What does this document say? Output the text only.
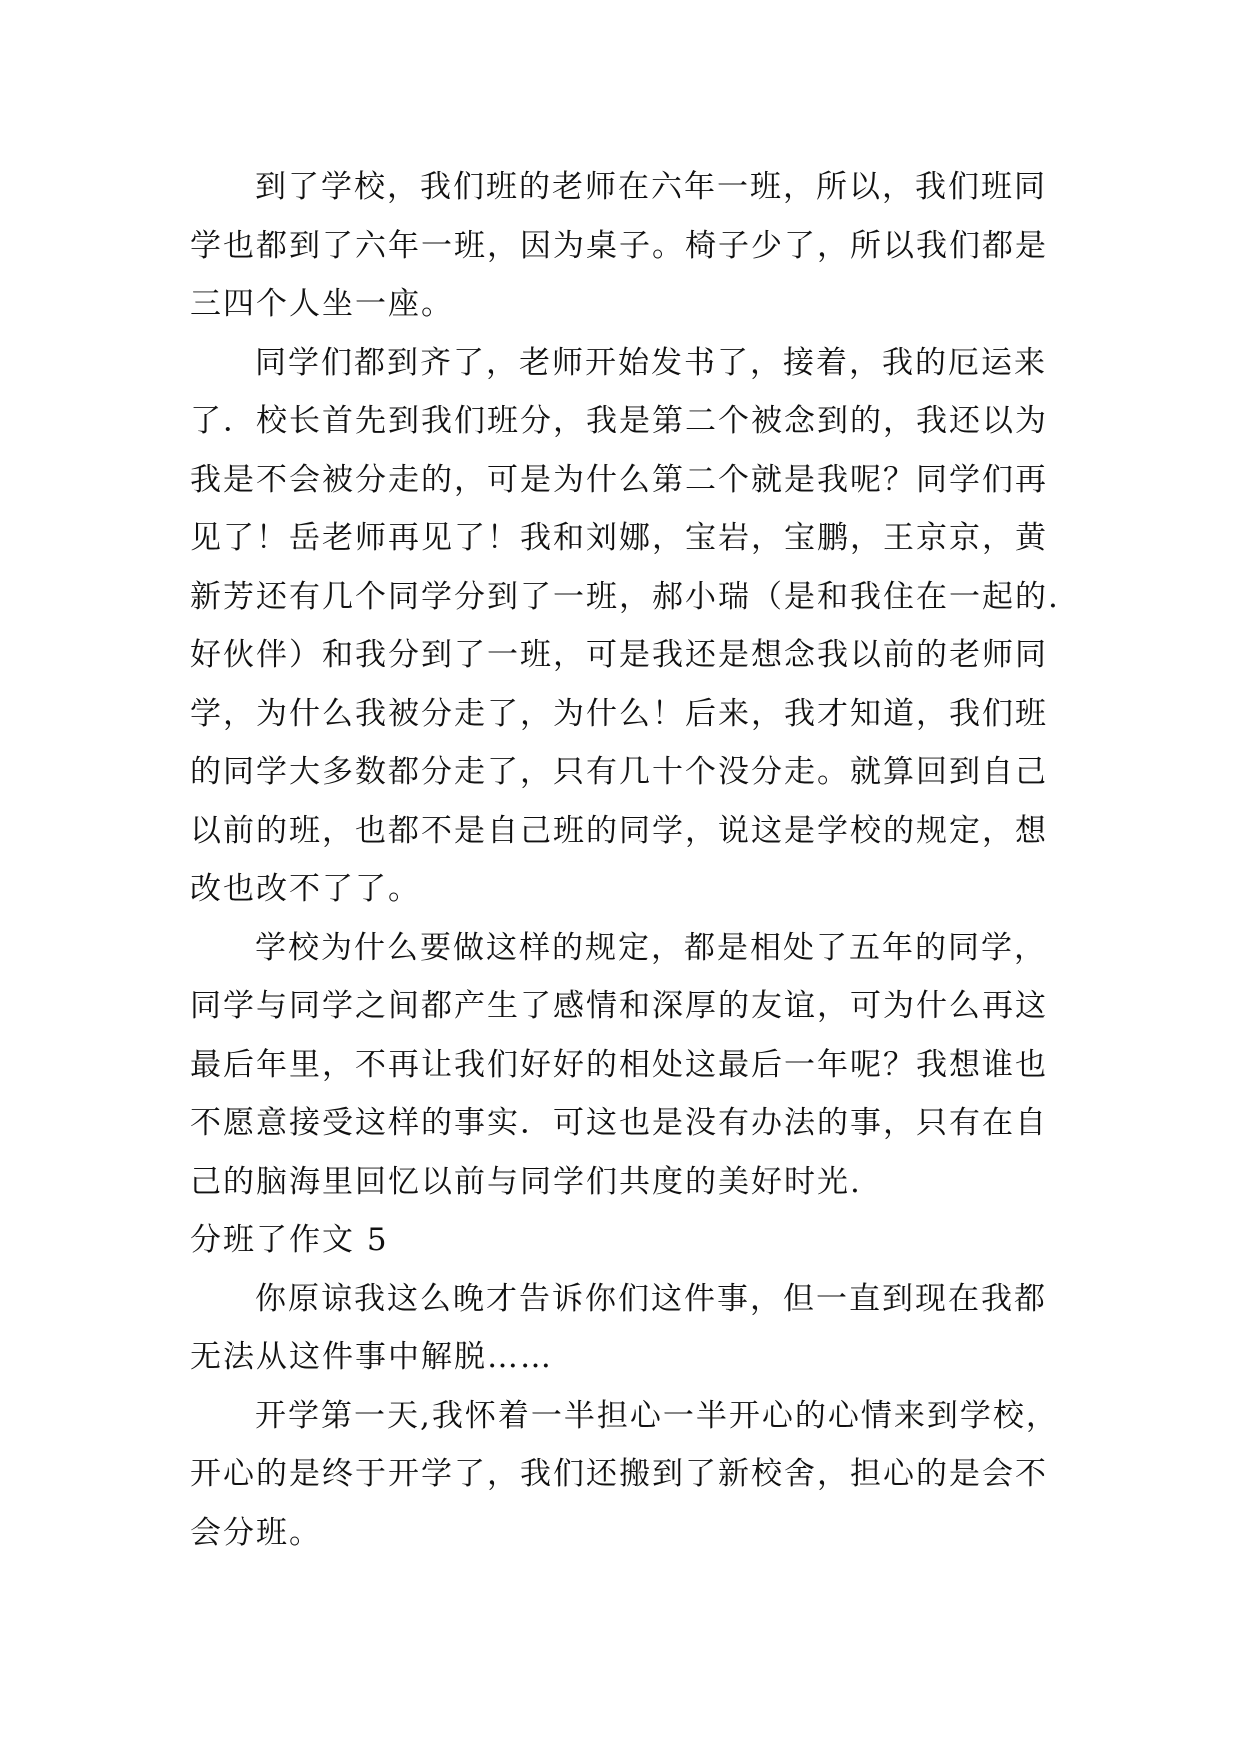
到了学校，我们班的老师在六年一班，所以，我们班同
学也都到了六年一班，因为桌子。椅子少了，所以我们都是
三四个人坐一座。

同学们都到齐了，老师开始发书了，接着，我的厄运来
了．校长首先到我们班分，我是第二个被念到的，我还以为
我是不会被分走的，可是为什么第二个就是我呢？同学们再
见了！岳老师再见了！我和刘娜，宝岩，宝鹏，王京京，黄
新芳还有几个同学分到了一班，郝小瑞（是和我住在一起的.
好伙伴）和我分到了一班，可是我还是想念我以前的老师同
学，为什么我被分走了，为什么！后来，我才知道，我们班
的同学大多数都分走了，只有几十个没分走。就算回到自己
以前的班，也都不是自己班的同学，说这是学校的规定，想
改也改不了了。

学校为什么要做这样的规定，都是相处了五年的同学，
同学与同学之间都产生了感情和深厚的友谊，可为什么再这
最后年里，不再让我们好好的相处这最后一年呢？我想谁也
不愿意接受这样的事实．可这也是没有办法的事，只有在自
己的脑海里回忆以前与同学们共度的美好时光.

分班了作文 5

你原谅我这么晚才告诉你们这件事，但一直到现在我都
无法从这件事中解脱……

开学第一天,我怀着一半担心一半开心的心情来到学校，
开心的是终于开学了，我们还搬到了新校舍，担心的是会不
会分班。
